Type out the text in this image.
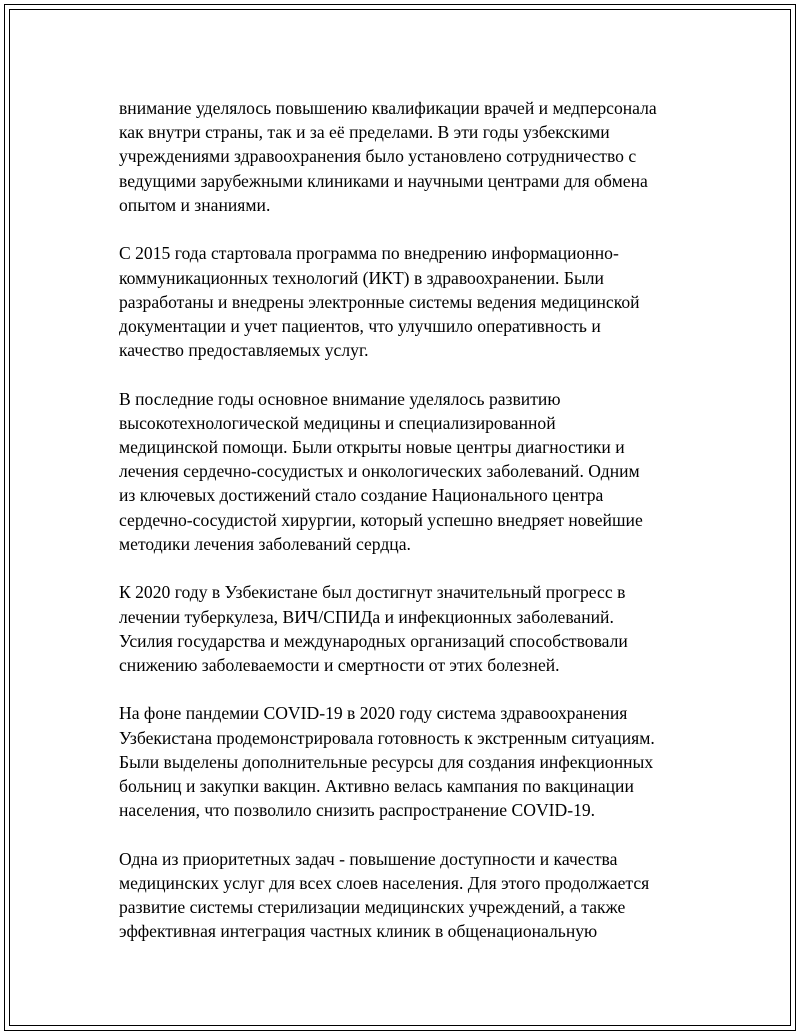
внимание уделялось повышению квалификации врачей и медперсонала
как внутри страны, так и за её пределами. В эти годы узбекскими
учреждениями здравоохранения было установлено сотрудничество с
ведущими зарубежными клиниками и научными центрами для обмена
опытом и знаниями.

С 2015 года стартовала программа по внедрению информационно-
коммуникационных технологий (ИКТ) в здравоохранении. Были
разработаны и внедрены электронные системы ведения медицинской
документации и учет пациентов, что улучшило оперативность и
качество предоставляемых услуг.

В последние годы основное внимание уделялось развитию
высокотехнологической медицины и специализированной
медицинской помощи. Были открыты новые центры диагностики и
лечения сердечно-сосудистых и онкологических заболеваний. Одним
из ключевых достижений стало создание Национального центра
сердечно-сосудистой хирургии, который успешно внедряет новейшие
методики лечения заболеваний сердца.

К 2020 году в Узбекистане был достигнут значительный прогресс в
лечении туберкулеза, ВИЧ/СПИДа и инфекционных заболеваний.
Усилия государства и международных организаций способствовали
снижению заболеваемости и смертности от этих болезней.

На фоне пандемии COVID-19 в 2020 году система здравоохранения
Узбекистана продемонстрировала готовность к экстренным ситуациям.
Были выделены дополнительные ресурсы для создания инфекционных
больниц и закупки вакцин. Активно велась кампания по вакцинации
населения, что позволило снизить распространение COVID-19.

Одна из приоритетных задач - повышение доступности и качества
медицинских услуг для всех слоев населения. Для этого продолжается
развитие системы стерилизации медицинских учреждений, а также
эффективная интеграция частных клиник в общенациональную
